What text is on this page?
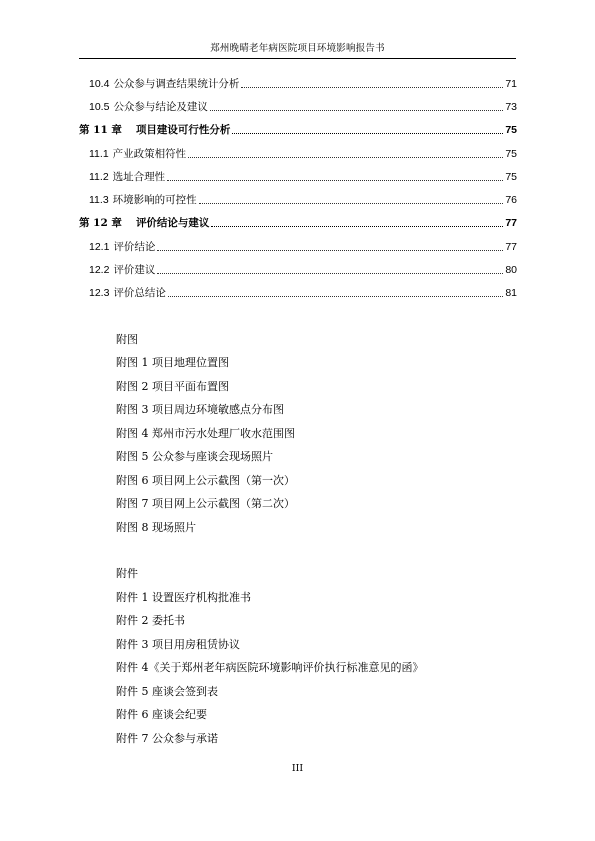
郑州晚晴老年病医院项目环境影响报告书
10.4 公众参与调查结果统计分析	71
10.5 公众参与结论及建议	73
第 11 章 项目建设可行性分析	75
11.1 产业政策相符性	75
11.2 选址合理性	75
11.3 环境影响的可控性	76
第 12 章 评价结论与建议	77
12.1 评价结论	77
12.2 评价建议	80
12.3 评价总结论	81
附图
附图 1 项目地理位置图
附图 2 项目平面布置图
附图 3 项目周边环境敏感点分布图
附图 4 郑州市污水处理厂收水范围图
附图 5 公众参与座谈会现场照片
附图 6 项目网上公示截图（第一次）
附图 7 项目网上公示截图（第二次）
附图 8 现场照片
附件
附件 1 设置医疗机构批准书
附件 2 委托书
附件 3 项目用房租赁协议
附件 4《关于郑州老年病医院环境影响评价执行标准意见的函》
附件 5 座谈会签到表
附件 6 座谈会纪要
附件 7 公众参与承诺
III
